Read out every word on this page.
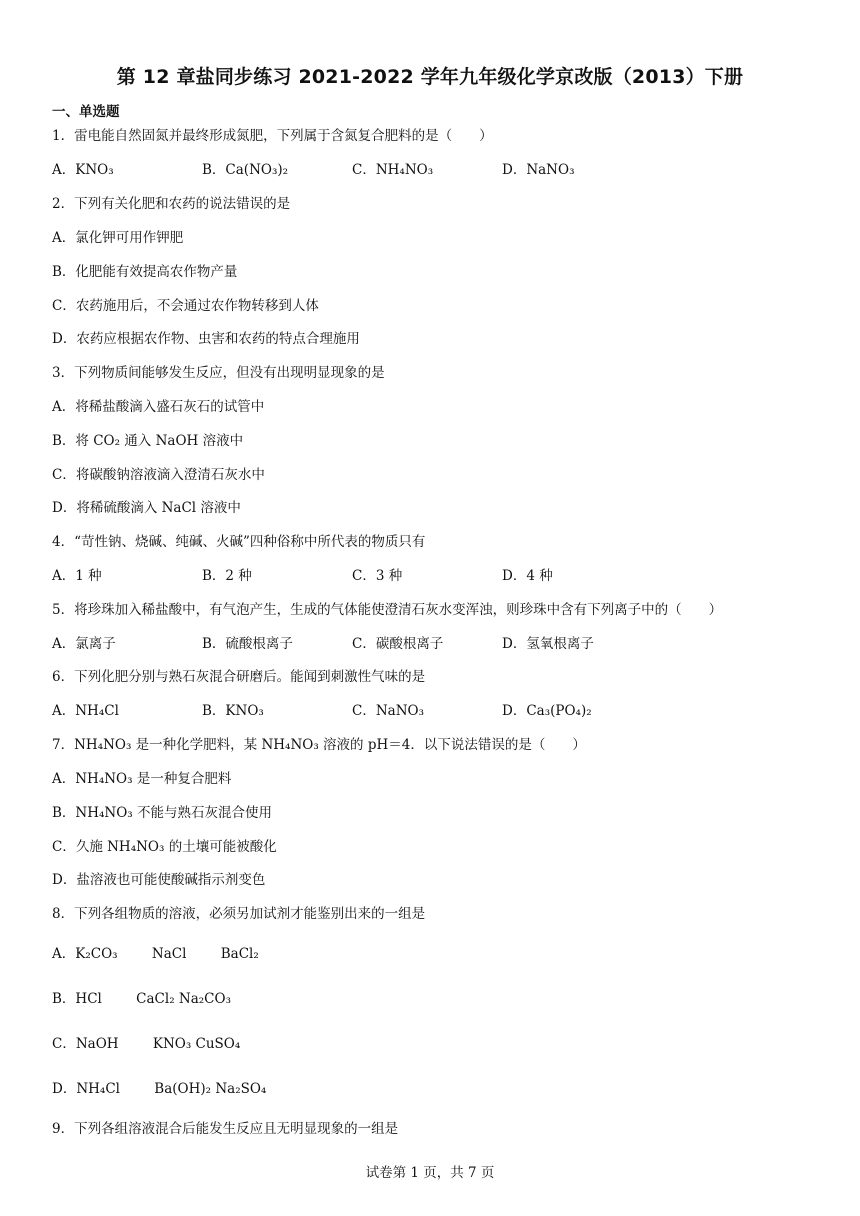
第 12 章盐同步练习 2021-2022 学年九年级化学京改版（2013）下册
一、单选题
1．雷电能自然固氮并最终形成氮肥，下列属于含氮复合肥料的是（　　）
A．KNO₃	B．Ca(NO₃)₂	C．NH₄NO₃	D．NaNO₃
2．下列有关化肥和农药的说法错误的是
A．氯化钾可用作钾肥
B．化肥能有效提高农作物产量
C．农药施用后，不会通过农作物转移到人体
D．农药应根据农作物、虫害和农药的特点合理施用
3．下列物质间能够发生反应，但没有出现明显现象的是
A．将稀盐酸滴入盛石灰石的试管中
B．将 CO₂ 通入 NaOH 溶液中
C．将碳酸钠溶液滴入澄清石灰水中
D．将稀硫酸滴入 NaCl 溶液中
4．“苛性钠、烧碱、纯碱、火碱”四种俗称中所代表的物质只有
A．1 种	B．2 种	C．3 种	D．4 种
5．将珍珠加入稀盐酸中，有气泡产生，生成的气体能使澄清石灰水变浑浊，则珍珠中含有下列离子中的（　　）
A．氯离子	B．硫酸根离子	C．碳酸根离子	D．氢氧根离子
6．下列化肥分别与熟石灰混合研磨后。能闻到刺激性气味的是
A．NH₄Cl	B．KNO₃	C．NaNO₃	D．Ca₃(PO₄)₂
7．NH₄NO₃ 是一种化学肥料，某 NH₄NO₃ 溶液的 pH＝4．以下说法错误的是（　　）
A．NH₄NO₃ 是一种复合肥料
B．NH₄NO₃ 不能与熟石灰混合使用
C．久施 NH₄NO₃ 的土壤可能被酸化
D．盐溶液也可能使酸碱指示剂变色
8．下列各组物质的溶液，必须另加试剂才能鉴别出来的一组是
A．K₂CO₃        NaCl        BaCl₂
B．HCl        CaCl₂ Na₂CO₃
C．NaOH        KNO₃ CuSO₄
D．NH₄Cl        Ba(OH)₂ Na₂SO₄
9．下列各组溶液混合后能发生反应且无明显现象的一组是
试卷第 1 页，共 7 页
